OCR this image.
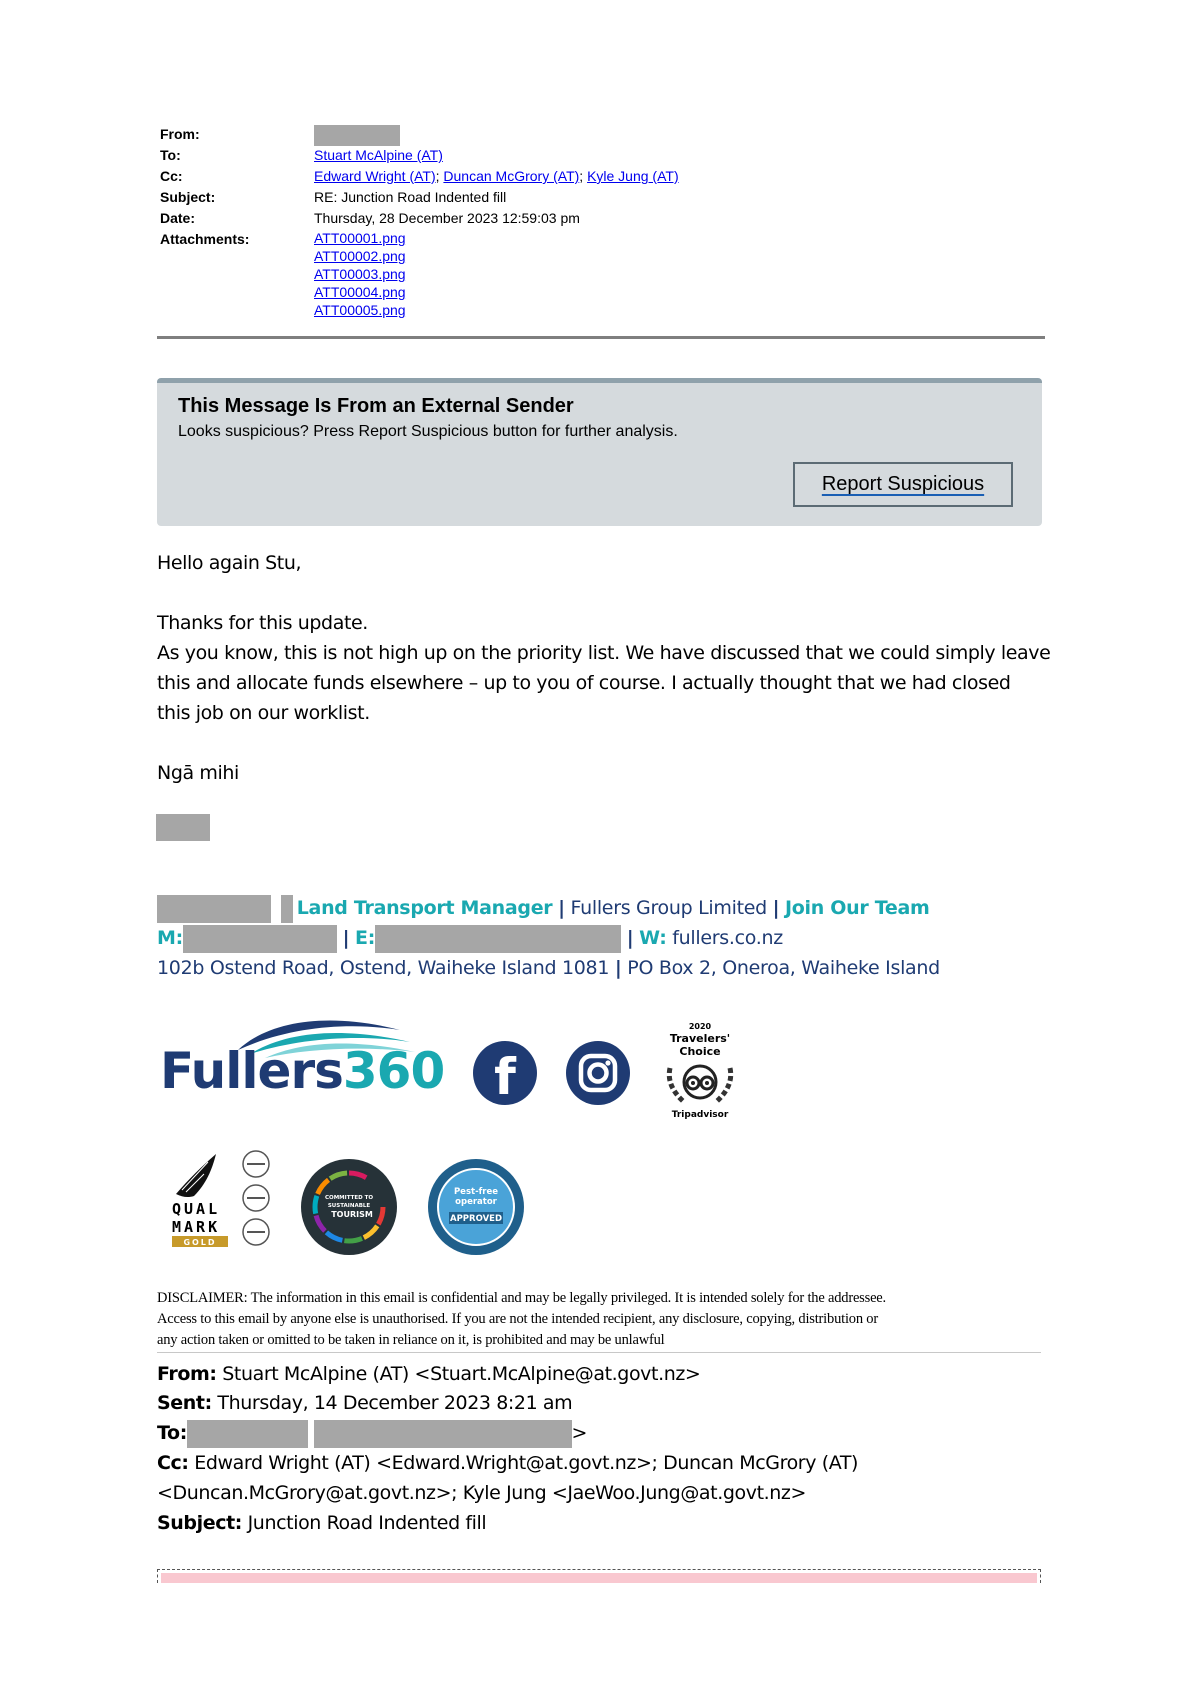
From:
To:	Stuart McAlpine (AT)
Cc:	Edward Wright (AT); Duncan McGrory (AT); Kyle Jung (AT)
Subject:	RE: Junction Road Indented fill
Date:	Thursday, 28 December 2023 12:59:03 pm
Attachments:	ATT00001.png
ATT00002.png
ATT00003.png
ATT00004.png
ATT00005.png
This Message Is From an External Sender
Looks suspicious? Press Report Suspicious button for further analysis.
Report Suspicious
Hello again Stu,
Thanks for this update.
As you know, this is not high up on the priority list. We have discussed that we could simply leave
this and allocate funds elsewhere – up to you of course. I actually thought that we had closed
this job on our worklist.
Ngā mihi
Land Transport Manager | Fullers Group Limited | Join Our Team
M:	| E:	| W: fullers.co.nz
102b Ostend Road, Ostend, Waiheke Island 1081 | PO Box 2, Oneroa, Waiheke Island
Fullers360 f
2020
Travelers'
Choice
Tripadvisor
QUAL
MARK
GOLD
COMMITTED TO
SUSTAINABLE
TOURISM
Pest-free
operator
APPROVED
DISCLAIMER: The information in this email is confidential and may be legally privileged. It is intended solely for the addressee.
Access to this email by anyone else is unauthorised. If you are not the intended recipient, any disclosure, copying, distribution or
any action taken or omitted to be taken in reliance on it, is prohibited and may be unlawful
From: Stuart McAlpine (AT) <Stuart.McAlpine@at.govt.nz>
Sent: Thursday, 14 December 2023 8:21 am
To:	>
Cc: Edward Wright (AT) <Edward.Wright@at.govt.nz>; Duncan McGrory (AT)
<Duncan.McGrory@at.govt.nz>; Kyle Jung <JaeWoo.Jung@at.govt.nz>
Subject: Junction Road Indented fill
